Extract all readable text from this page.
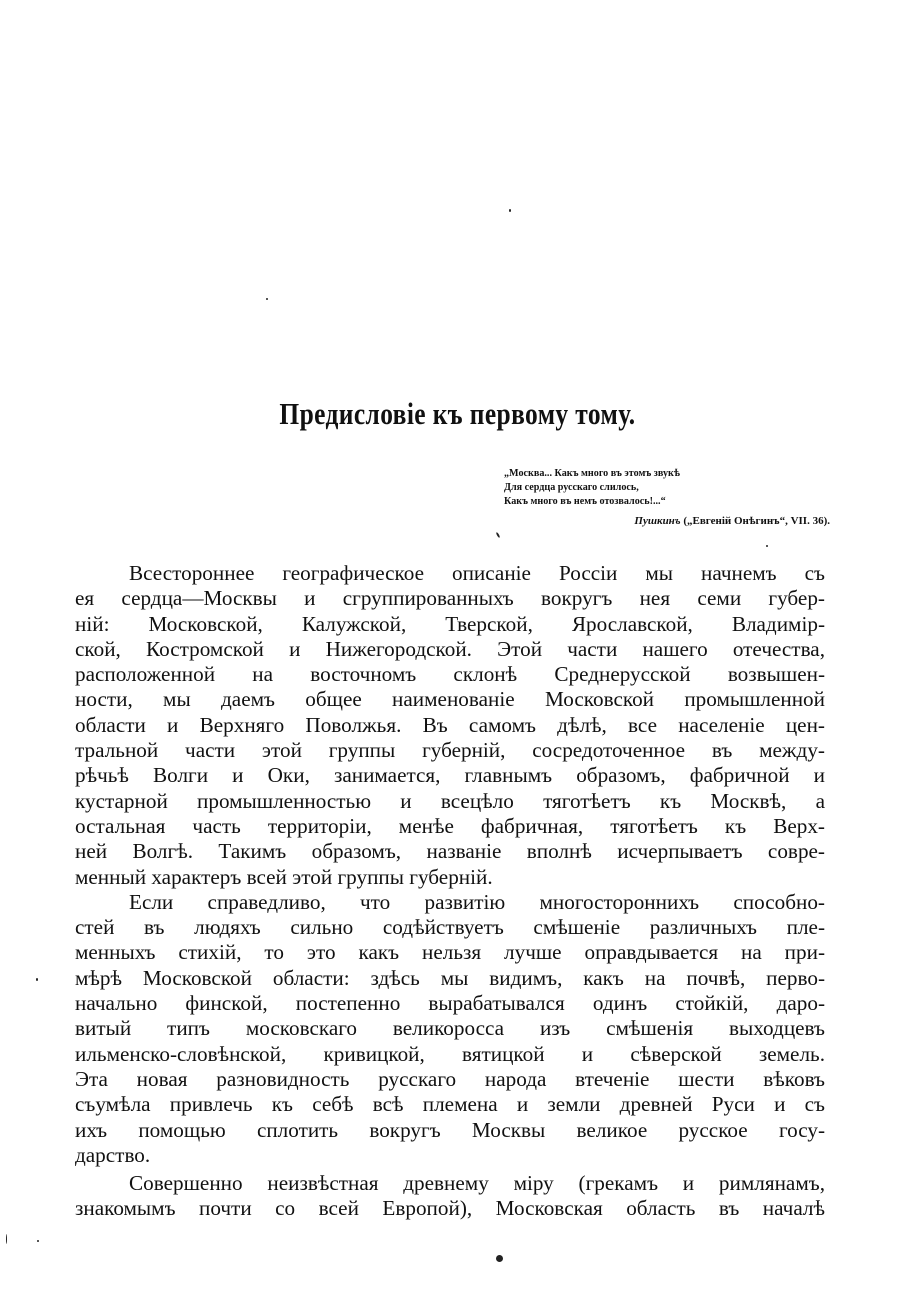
Предисловіе къ первому тому.
„Москва... Какъ много въ этомъ звукѣ
Для сердца русскаго слилось,
Какъ много въ немъ отозвалось!...“
Пушкинъ („Евгеній Онѣгинъ“, VII. 36).
Всестороннее географическое описаніе Россіи мы начнемъ съ
ея сердца—Москвы и сгруппированныхъ вокругъ нея семи губер-
ній: Московской, Калужской, Тверской, Ярославской, Владимір-
ской, Костромской и Нижегородской. Этой части нашего отечества,
расположенной на восточномъ склонѣ Среднерусской возвышен-
ности, мы даемъ общее наименованіе Московской промышленной
области и Верхняго Поволжья. Въ самомъ дѣлѣ, все населеніе цен-
тральной части этой группы губерній, сосредоточенное въ между-
рѣчьѣ Волги и Оки, занимается, главнымъ образомъ, фабричной и
кустарной промышленностью и всецѣло тяготѣетъ къ Москвѣ, а
остальная часть территоріи, менѣе фабричная, тяготѣетъ къ Верх-
ней Волгѣ. Такимъ образомъ, названіе вполнѣ исчерпываетъ совре-
менный характеръ всей этой группы губерній.
Если справедливо, что развитію многостороннихъ способно-
стей въ людяхъ сильно содѣйствуетъ смѣшеніе различныхъ пле-
менныхъ стихій, то это какъ нельзя лучше оправдывается на при-
мѣрѣ Московской области: здѣсь мы видимъ, какъ на почвѣ, перво-
начально финской, постепенно вырабатывался одинъ стойкій, даро-
витый типъ московскаго великоросса изъ смѣшенія выходцевъ
ильменско-словѣнской, кривицкой, вятицкой и сѣверской земель.
Эта новая разновидность русскаго народа втеченіе шести вѣковъ
съумѣла привлечь къ себѣ всѣ племена и земли древней Руси и съ
ихъ помощью сплотить вокругъ Москвы великое русское госу-
дарство.
Совершенно неизвѣстная древнему міру (грекамъ и римлянамъ,
знакомымъ почти со всей Европой), Московская область въ началѣ
